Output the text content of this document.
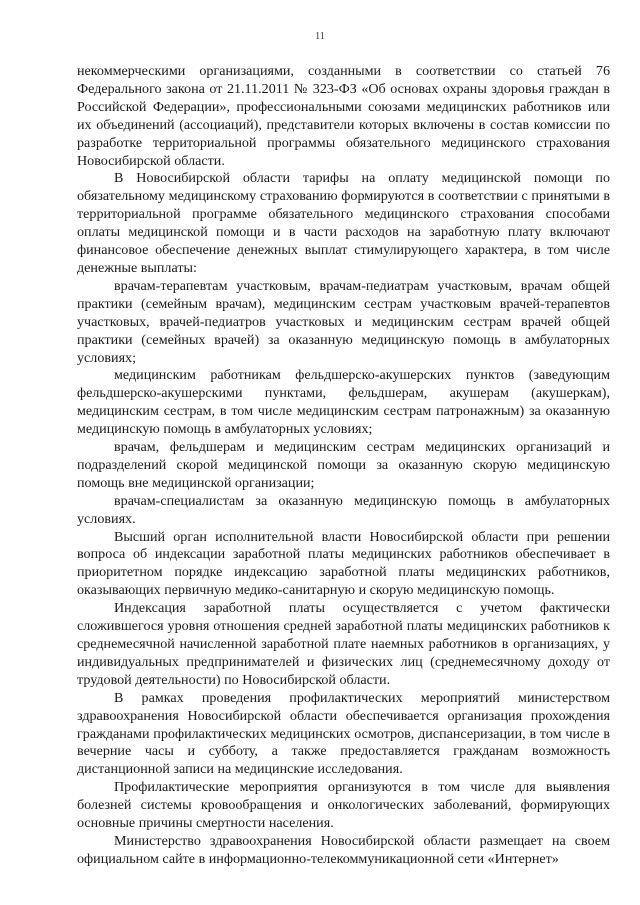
11

некоммерческими организациями, созданными в соответствии со статьей 76 Федерального закона от 21.11.2011 № 323-ФЗ «Об основах охраны здоровья граждан в Российской Федерации», профессиональными союзами медицинских работников или их объединений (ассоциаций), представители которых включены в состав комиссии по разработке территориальной программы обязательного медицинского страхования Новосибирской области.

В Новосибирской области тарифы на оплату медицинской помощи по обязательному медицинскому страхованию формируются в соответствии с принятыми в территориальной программе обязательного медицинского страхования способами оплаты медицинской помощи и в части расходов на заработную плату включают финансовое обеспечение денежных выплат стимулирующего характера, в том числе денежные выплаты:

врачам-терапевтам участковым, врачам-педиатрам участковым, врачам общей практики (семейным врачам), медицинским сестрам участковым врачей-терапевтов участковых, врачей-педиатров участковых и медицинским сестрам врачей общей практики (семейных врачей) за оказанную медицинскую помощь в амбулаторных условиях;

медицинским работникам фельдшерско-акушерских пунктов (заведующим фельдшерско-акушерскими пунктами, фельдшерам, акушерам (акушеркам), медицинским сестрам, в том числе медицинским сестрам патронажным) за оказанную медицинскую помощь в амбулаторных условиях;

врачам, фельдшерам и медицинским сестрам медицинских организаций и подразделений скорой медицинской помощи за оказанную скорую медицинскую помощь вне медицинской организации;

врачам-специалистам за оказанную медицинскую помощь в амбулаторных условиях.

Высший орган исполнительной власти Новосибирской области при решении вопроса об индексации заработной платы медицинских работников обеспечивает в приоритетном порядке индексацию заработной платы медицинских работников, оказывающих первичную медико-санитарную и скорую медицинскую помощь.

Индексация заработной платы осуществляется с учетом фактически сложившегося уровня отношения средней заработной платы медицинских работников к среднемесячной начисленной заработной плате наемных работников в организациях, у индивидуальных предпринимателей и физических лиц (среднемесячному доходу от трудовой деятельности) по Новосибирской области.

В рамках проведения профилактических мероприятий министерством здравоохранения Новосибирской области обеспечивается организация прохождения гражданами профилактических медицинских осмотров, диспансеризации, в том числе в вечерние часы и субботу, а также предоставляется гражданам возможность дистанционной записи на медицинские исследования.

Профилактические мероприятия организуются в том числе для выявления болезней системы кровообращения и онкологических заболеваний, формирующих основные причины смертности населения.

Министерство здравоохранения Новосибирской области размещает на своем официальном сайте в информационно-телекоммуникационной сети «Интернет»
